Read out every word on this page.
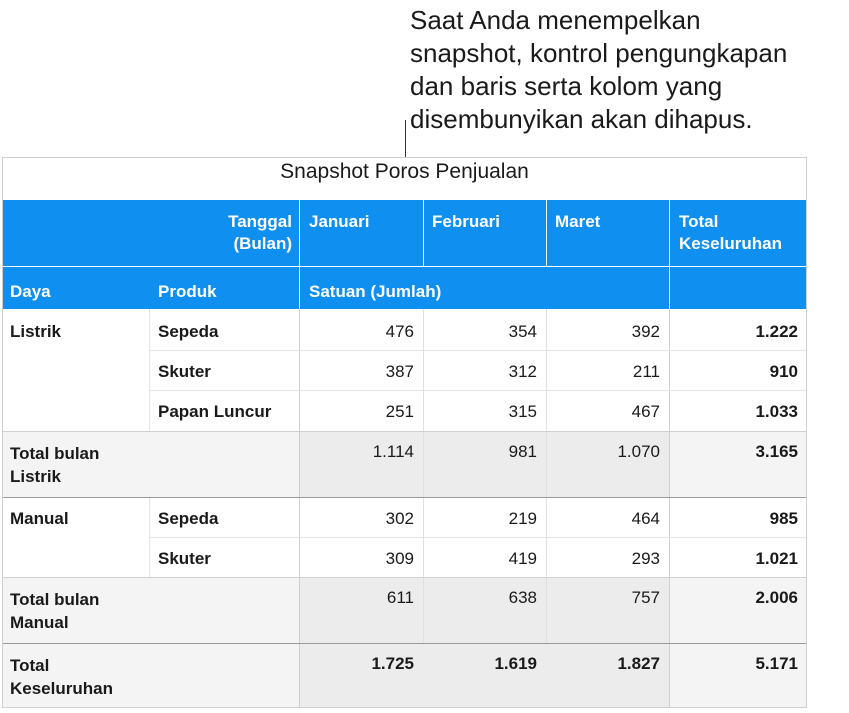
Saat Anda menempelkan
snapshot, kontrol pengungkapan
dan baris serta kolom yang
disembunyikan akan dihapus.
Snapshot Poros Penjualan
Tanggal
(Bulan)
Januari	Februari	Maret	Total
Keseluruhan
Daya	Produk	Satuan (Jumlah)
Listrik	Sepeda	476	354	392	1.222
Skuter	387	312	211	910
Papan Luncur	251	315	467	1.033
Total bulan
Listrik
1.114	981	1.070	3.165
Manual	Sepeda	302	219	464	985
Skuter	309	419	293	1.021
Total bulan
Manual
611	638	757	2.006
Total
Keseluruhan
1.725	1.619	1.827	5.171
